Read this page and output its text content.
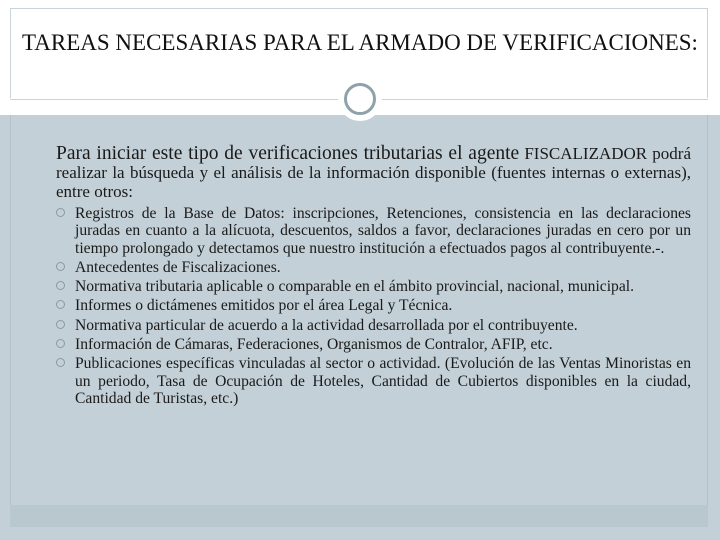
TAREAS NECESARIAS PARA EL ARMADO DE VERIFICACIONES:

Para iniciar este tipo de verificaciones tributarias el agente FISCALIZADOR podrá realizar la búsqueda y el análisis de la información disponible (fuentes internas o externas), entre otros:

Registros de la Base de Datos: inscripciones, Retenciones, consistencia en las declaraciones juradas en cuanto a la alícuota, descuentos, saldos a favor, declaraciones juradas en cero por un tiempo prolongado y detectamos que nuestro institución a efectuados pagos al contribuyente.-.
Antecedentes de Fiscalizaciones.
Normativa tributaria aplicable o comparable en el ámbito provincial, nacional, municipal.
Informes o dictámenes emitidos por el área Legal y Técnica.
Normativa particular de acuerdo a la actividad desarrollada por el contribuyente.
Información de Cámaras, Federaciones, Organismos de Contralor, AFIP, etc.
Publicaciones específicas vinculadas al sector o actividad. (Evolución de las Ventas Minoristas en un periodo, Tasa de Ocupación de Hoteles, Cantidad de Cubiertos disponibles en la ciudad, Cantidad de Turistas, etc.)
